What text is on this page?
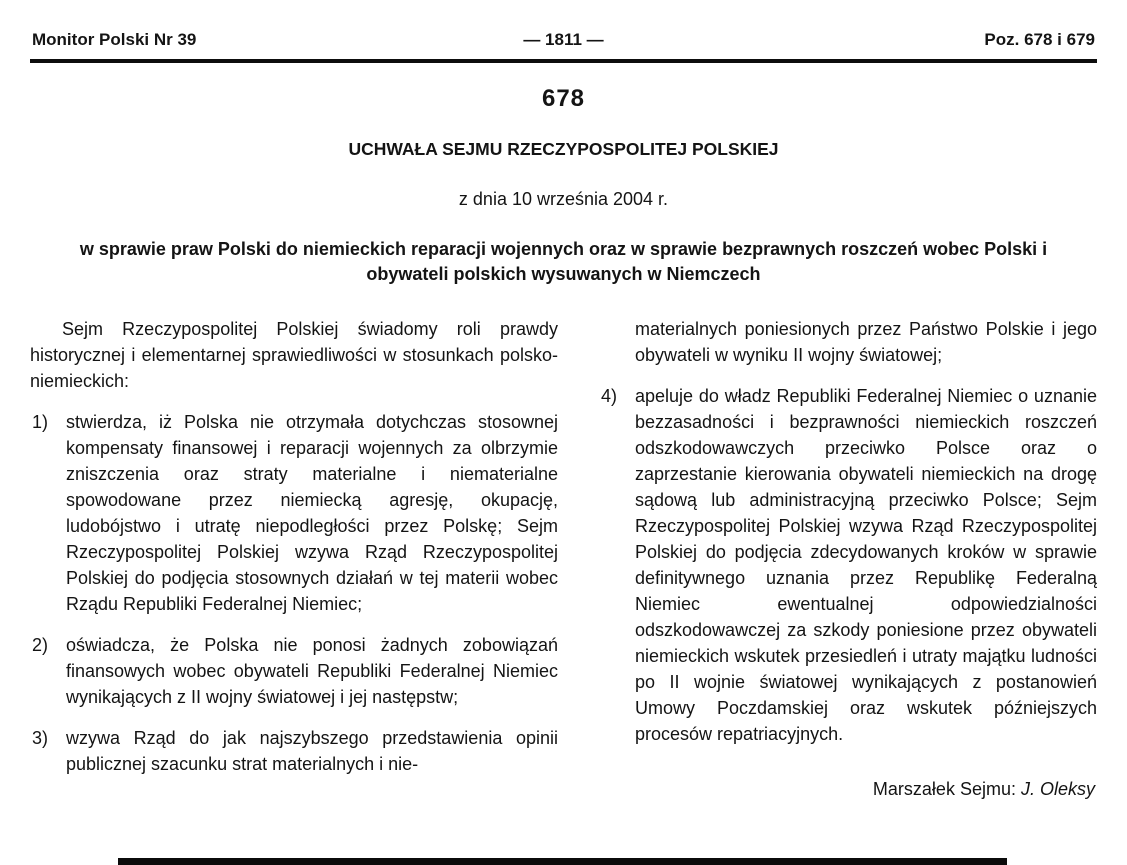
— 1811 —
Monitor Polski Nr 39	Poz. 678 i 679
678
UCHWAŁA SEJMU RZECZYPOSPOLITEJ POLSKIEJ
z dnia 10 września 2004 r.
w sprawie praw Polski do niemieckich reparacji wojennych oraz w sprawie bezprawnych roszczeń wobec Polski i obywateli polskich wysuwanych w Niemczech

Sejm Rzeczypospolitej Polskiej świadomy roli prawdy historycznej i elementarnej sprawiedliwości w stosunkach polsko-niemieckich:

1) stwierdza, iż Polska nie otrzymała dotychczas stosownej kompensaty finansowej i reparacji wojennych za olbrzymie zniszczenia oraz straty materialne i niematerialne spowodowane przez niemiecką agresję, okupację, ludobójstwo i utratę niepodległości przez Polskę; Sejm Rzeczypospolitej Polskiej wzywa Rząd Rzeczypospolitej Polskiej do podjęcia stosownych działań w tej materii wobec Rządu Republiki Federalnej Niemiec;
2) oświadcza, że Polska nie ponosi żadnych zobowiązań finansowych wobec obywateli Republiki Federalnej Niemiec wynikających z II wojny światowej i jej następstw;
3) wzywa Rząd do jak najszybszego przedstawienia opinii publicznej szacunku strat materialnych i nie-
materialnych poniesionych przez Państwo Polskie i jego obywateli w wyniku II wojny światowej;
4) apeluje do władz Republiki Federalnej Niemiec o uznanie bezzasadności i bezprawności niemieckich roszczeń odszkodowawczych przeciwko Polsce oraz o zaprzestanie kierowania obywateli niemieckich na drogę sądową lub administracyjną przeciwko Polsce; Sejm Rzeczypospolitej Polskiej wzywa Rząd Rzeczypospolitej Polskiej do podjęcia zdecydowanych kroków w sprawie definitywnego uznania przez Republikę Federalną Niemiec ewentualnej odpowiedzialności odszkodowawczej za szkody poniesione przez obywateli niemieckich wskutek przesiedleń i utraty majątku ludności po II wojnie światowej wynikających z postanowień Umowy Poczdamskiej oraz wskutek późniejszych procesów repatriacyjnych.
Marszałek Sejmu: J. Oleksy
